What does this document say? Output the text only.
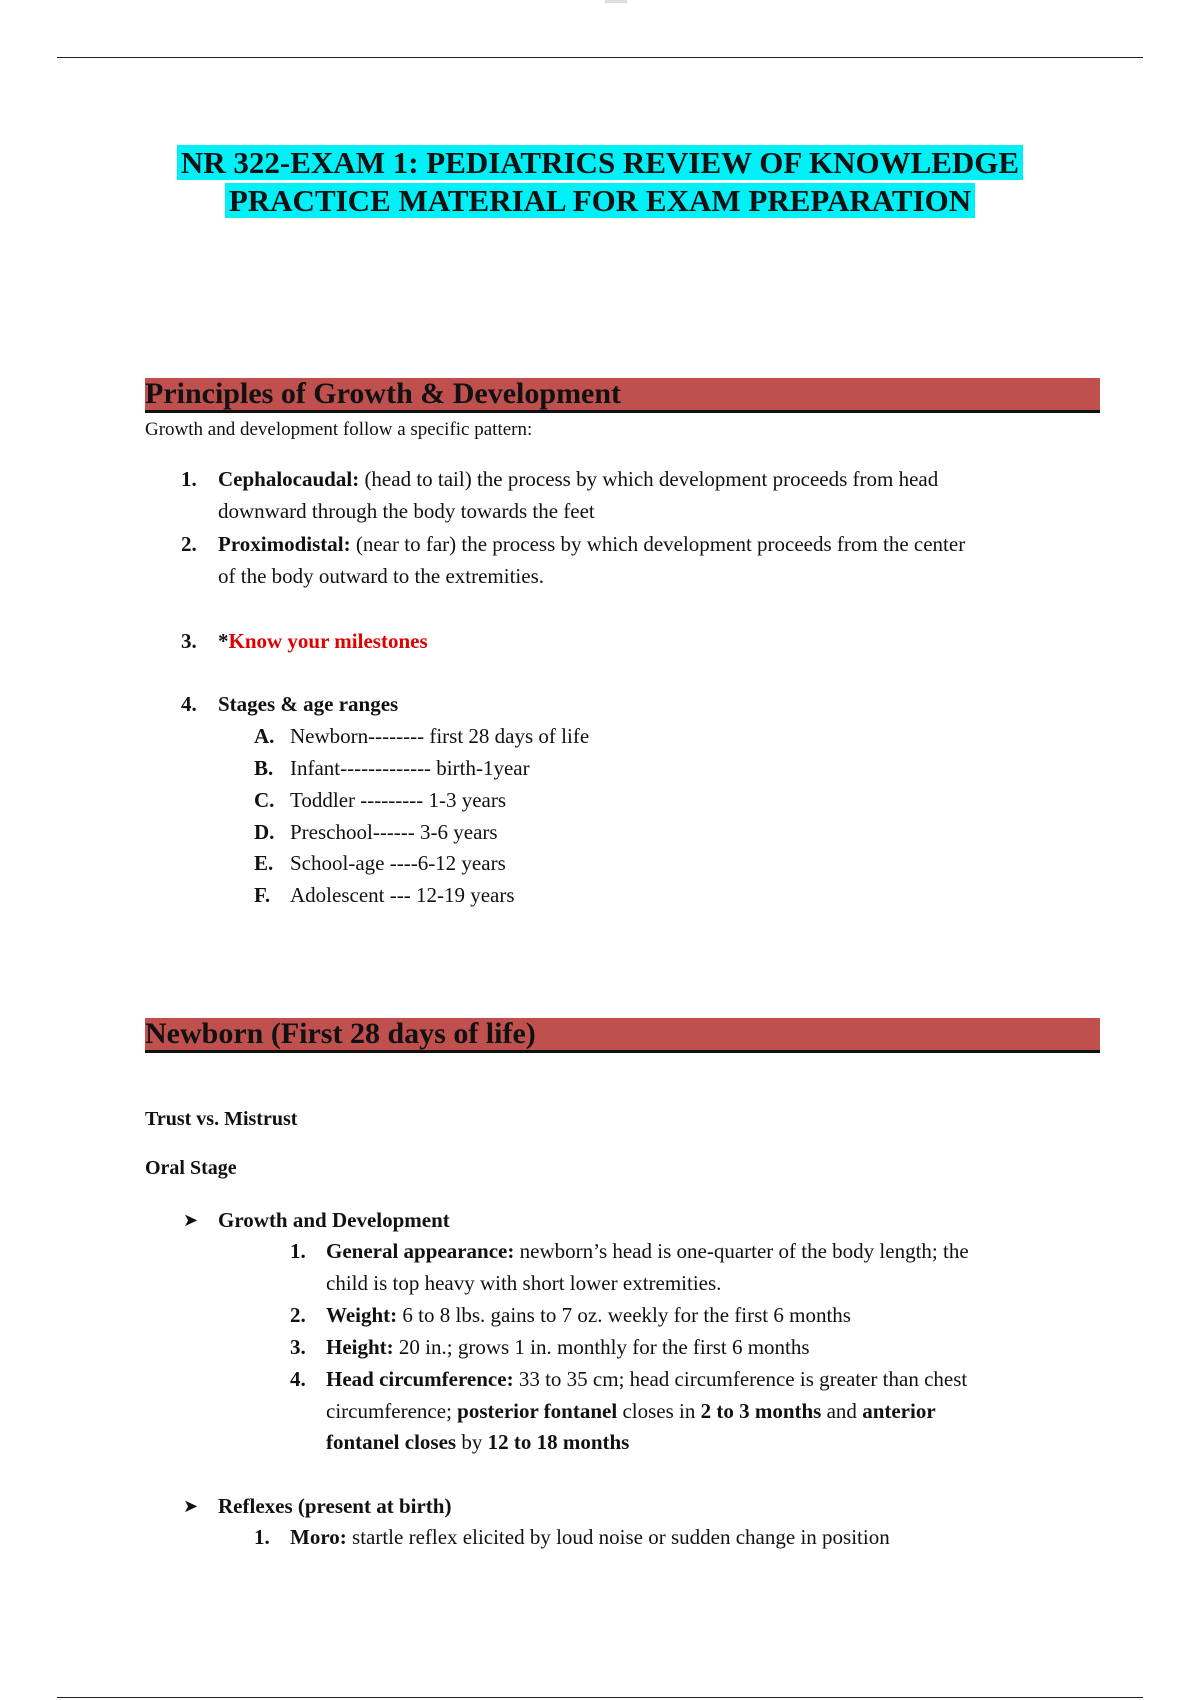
NR 322-EXAM 1: PEDIATRICS REVIEW OF KNOWLEDGE
PRACTICE MATERIAL FOR EXAM PREPARATION
Principles of Growth & Development
Growth and development follow a specific pattern:
1. Cephalocaudal: (head to tail) the process by which development proceeds from head
downward through the body towards the feet
2. Proximodistal: (near to far) the process by which development proceeds from the center
of the body outward to the extremities.
3. *Know your milestones
4. Stages & age ranges
A. Newborn-------- first 28 days of life
B. Infant------------- birth-1year
C. Toddler --------- 1-3 years
D. Preschool------ 3-6 years
E. School-age ----6-12 years
F. Adolescent --- 12-19 years
Newborn (First 28 days of life)
Trust vs. Mistrust
Oral Stage
➤ Growth and Development
1. General appearance: newborn’s head is one-quarter of the body length; the
child is top heavy with short lower extremities.
2. Weight: 6 to 8 lbs. gains to 7 oz. weekly for the first 6 months
3. Height: 20 in.; grows 1 in. monthly for the first 6 months
4. Head circumference: 33 to 35 cm; head circumference is greater than chest
circumference; posterior fontanel closes in 2 to 3 months and anterior
fontanel closes by 12 to 18 months
➤ Reflexes (present at birth)
1. Moro: startle reflex elicited by loud noise or sudden change in position
